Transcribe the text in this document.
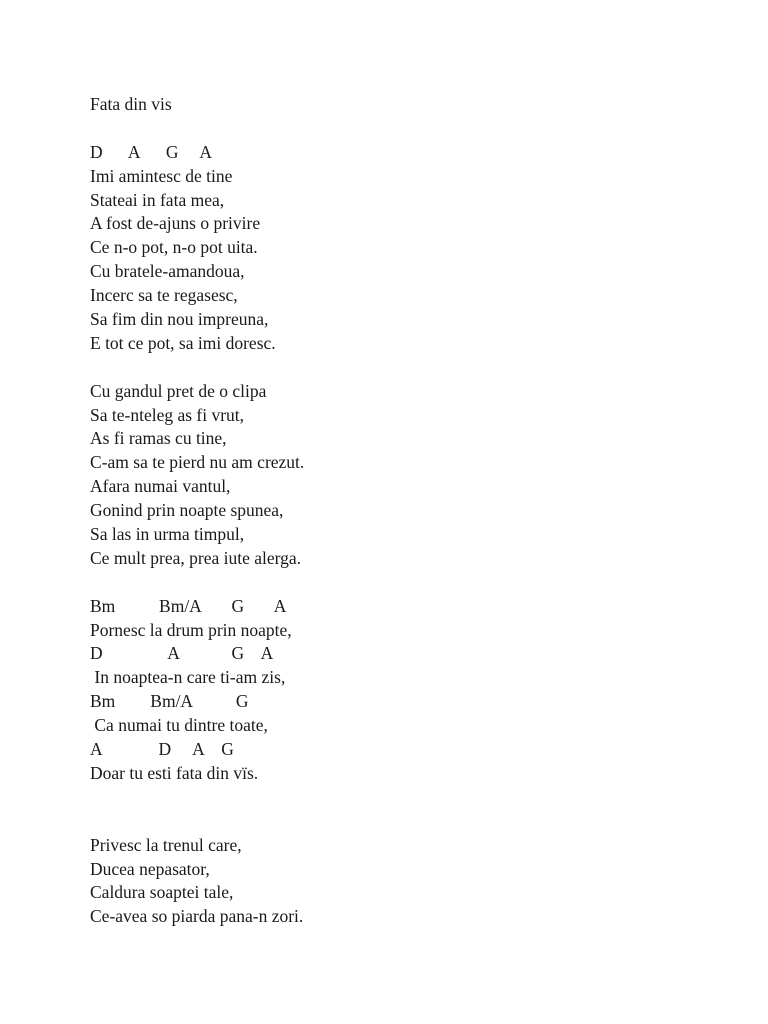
Fata din vis
D      A      G     A
Imi amintesc de tine
Stateai in fata mea,
A fost de-ajuns o privire
Ce n-o pot, n-o pot uita.
Cu bratele-amandoua,
Incerc sa te regasesc,
Sa fim din nou impreuna,
E tot ce pot, sa imi doresc.
Cu gandul pret de o clipa
Sa te-nteleg as fi vrut,
As fi ramas cu tine,
C-am sa te pierd nu am crezut.
Afara numai vantul,
Gonind prin noapte spunea,
Sa las in urma timpul,
Ce mult prea, prea iute alerga.
Bm          Bm/A       G       A
Pornesc la drum prin noapte,
D               A            G    A
In noaptea-n care ti-am zis,
Bm        Bm/A          G
Ca numai tu dintre toate,
A             D     A    G
Doar tu esti fata din vïs.
Privesc la trenul care,
Ducea nepasator,
Caldura soaptei tale,
Ce-avea so piarda pana-n zori.
